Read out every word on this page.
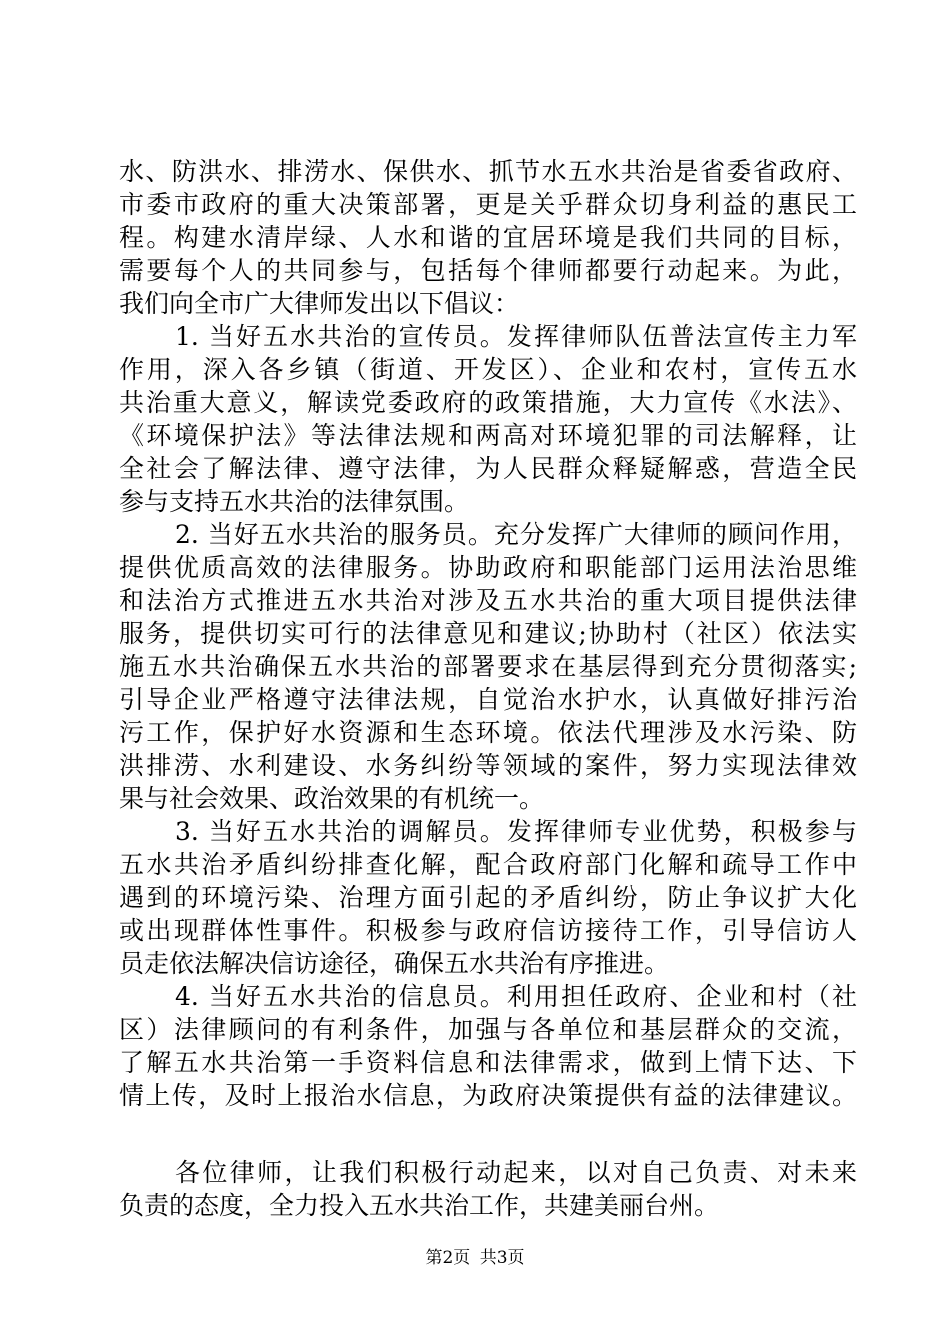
水、防洪水、排涝水、保供水、抓节水五水共治是省委省政府、
市委市政府的重大决策部署，更是关乎群众切身利益的惠民工
程。构建水清岸绿、人水和谐的宜居环境是我们共同的目标，
需要每个人的共同参与，包括每个律师都要行动起来。为此，
我们向全市广大律师发出以下倡议：
1. 当好五水共治的宣传员。发挥律师队伍普法宣传主力军
作用，深入各乡镇（街道、开发区）、企业和农村，宣传五水
共治重大意义，解读党委政府的政策措施，大力宣传《水法》、
《环境保护法》等法律法规和两高对环境犯罪的司法解释，让
全社会了解法律、遵守法律，为人民群众释疑解惑，营造全民
参与支持五水共治的法律氛围。
2. 当好五水共治的服务员。充分发挥广大律师的顾问作用，
提供优质高效的法律服务。协助政府和职能部门运用法治思维
和法治方式推进五水共治对涉及五水共治的重大项目提供法律
服务，提供切实可行的法律意见和建议;协助村（社区）依法实
施五水共治确保五水共治的部署要求在基层得到充分贯彻落实;
引导企业严格遵守法律法规，自觉治水护水，认真做好排污治
污工作，保护好水资源和生态环境。依法代理涉及水污染、防
洪排涝、水利建设、水务纠纷等领域的案件，努力实现法律效
果与社会效果、政治效果的有机统一。
3. 当好五水共治的调解员。发挥律师专业优势，积极参与
五水共治矛盾纠纷排查化解，配合政府部门化解和疏导工作中
遇到的环境污染、治理方面引起的矛盾纠纷，防止争议扩大化
或出现群体性事件。积极参与政府信访接待工作，引导信访人
员走依法解决信访途径，确保五水共治有序推进。
4. 当好五水共治的信息员。利用担任政府、企业和村（社
区）法律顾问的有利条件，加强与各单位和基层群众的交流，
了解五水共治第一手资料信息和法律需求，做到上情下达、下
情上传，及时上报治水信息，为政府决策提供有益的法律建议。
各位律师，让我们积极行动起来，以对自己负责、对未来
负责的态度，全力投入五水共治工作，共建美丽台州。
第2页 共3页
